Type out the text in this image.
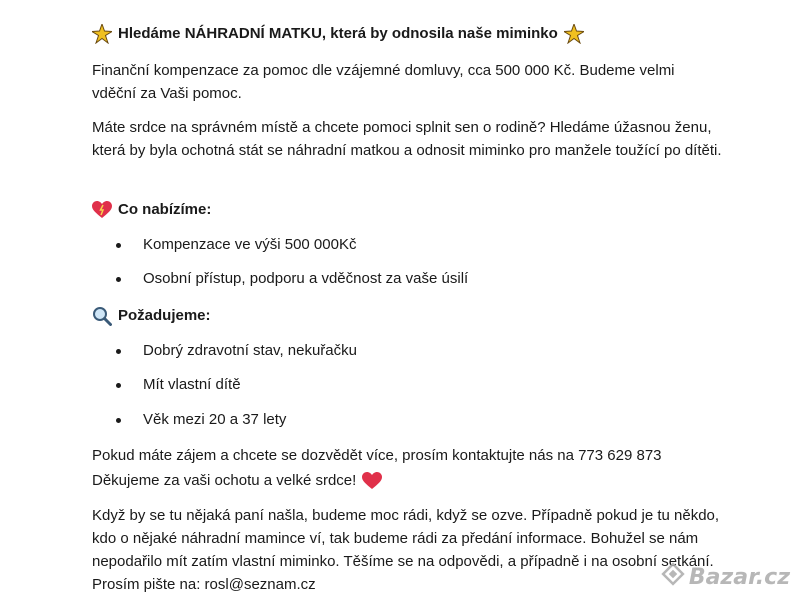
Hledáme NÁHRADNÍ MATKU, která by odnosila naše miminko
Finanční kompenzace za pomoc dle vzájemné domluvy, cca 500 000 Kč. Budeme velmi vděční za Vaši pomoc.
Máte srdce na správném místě a chcete pomoci splnit sen o rodině? Hledáme úžasnou ženu, která by byla ochotná stát se náhradní matkou a odnosit miminko pro manžele toužící po dítěti.
Co nabízíme:
Kompenzace ve výši 500 000Kč
Osobní přístup, podporu a vděčnost za vaše úsilí
Požadujeme:
Dobrý zdravotní stav, nekuřačku
Mít vlastní dítě
Věk mezi 20 a 37 lety
Pokud máte zájem a chcete se dozvědět více, prosím kontaktujte nás na 773 629 873
Děkujeme za vaši ochotu a velké srdce!
Když by se tu nějaká paní našla, budeme moc rádi, když se ozve. Případně pokud je tu někdo, kdo o nějaké náhradní mamince ví, tak budeme rádi za předání informace. Bohužel se nám nepodařilo mít zatím vlastní miminko. Těšíme se na odpovědi, a případně i na osobní setkání. Prosím pište na: rosl@seznam.cz	Bazar.cz
